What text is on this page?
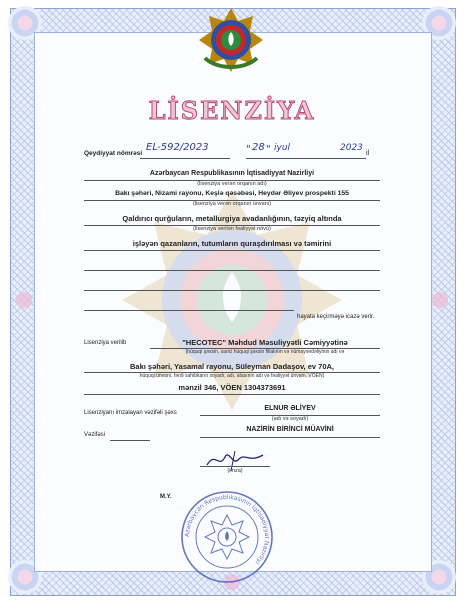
LİSENZİYA
Qeydiyyat nömrəsi
EL-592/2023	" 28 " iyul	2023
il
Azərbaycan Respublikasının İqtisadiyyat Nazirliyi
(lisenziya verən orqanın adı)
Bakı şəhəri, Nizami rayonu, Keşlə qəsəbəsi, Heydər Əliyev prospekti 155
(lisenziya verən orqanın ünvanı)
Qaldırıcı qurğuların, metallurgiya avadanlığının, təzyiq altında
(lisenziya verilən fəaliyyət növü)
işləyən qazanların, tutumların quraşdırılması və təmirini
hayata keçirməyə icazə verir.
Lisenziya verilib	"HECOTEC" Məhdud Məsuliyyətli Cəmiyyətinə
(hüquqi şəxsin, xarici hüquqi şəxsin filialının və nümayəndəliyinin adı və
Bakı şəhəri, Yasamal rayonu, Süleyman Dadaşov, ev 70A,
hüquqi ünvanı, fərdi sahibkarın soyadı, adı, atasının adı və fəaliyyət ünvanı, VÖEN)
mənzil 346, VÖEN 1304373691
Lisenziyanı imzalayan vəzifəli şəxs
ELNUR ƏLİYEV
(adı və soyadı)
Vəzifəsi
NAZİRİN BİRİNCİ MÜAVİNİ
(imza)
M.Y.
Azərbaycan Respublikasının İqtisadiyyat Nazirliyi
